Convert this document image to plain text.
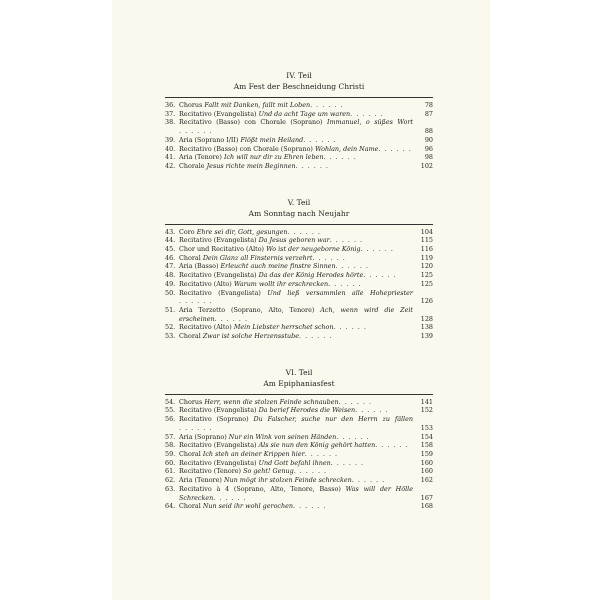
IV. Teil
Am Fest der Beschneidung Christi
36. Chorus Fallt mit Danken, fallt mit Loben. . . . . .	78
37. Recitativo (Evangelista) Und da acht Tage um waren. . . . . .	87
38. Recitativo (Basso) con Chorale (Soprano) Immanuel, o süßes Wort. . . . . .	88
39. Aria (Soprano I/II) Flößt mein Heiland. . . . . .	90
40. Recitativo (Basso) con Chorale (Soprano) Wohlan, dein Name. . . . . .	96
41. Aria (Tenore) Ich will nur dir zu Ehren leben. . . . . .	98
42. Chorale Jesus richte mein Beginnen. . . . . .	102
V. Teil
Am Sonntag nach Neujahr
43. Coro Ehre sei dir, Gott, gesungen. . . . . .	104
44. Recitativo (Evangelista) Da Jesus geboren war. . . . . .	115
45. Chor und Recitativo (Alto) Wo ist der neugeborne König. . . . . .	116
46. Choral Dein Glanz all Finsternis verzehrt. . . . . .	119
47. Aria (Basso) Erleucht auch meine finstre Sinnen. . . . . .	120
48. Recitativo (Evangelista) Da das der König Herodes hörte. . . . . .	125
49. Recitativo (Alto) Warum wollt ihr erschrecken. . . . . .	125
50. Recitativo (Evangelista) Und ließ versammlen alle Hohepriester. . . . . .	126
51. Aria Terzetto (Soprano, Alto, Tenore) Ach, wenn wird die Zeit erscheinen. . . . . .	128
52. Recitativo (Alto) Mein Liebster herrschet schon. . . . . .	138
53. Choral Zwar ist solche Herzensstube. . . . . .	139
VI. Teil
Am Epiphaniasfest
54. Chorus Herr, wenn die stolzen Feinde schnauben. . . . . .	141
55. Recitativo (Evangelista) Da berief Herodes die Weisen. . . . . .	152
56. Recitativo (Soprano) Du Falscher, suche nur den Herrn zu fällen. . . . . .	153
57. Aria (Soprano) Nur ein Wink von seinen Händen. . . . . .	154
58. Recitativo (Evangelista) Als sie nun den König gehört hatten. . . . . .	158
59. Choral Ich steh an deiner Krippen hier. . . . . .	159
60. Recitativo (Evangelista) Und Gott befahl ihnen. . . . . .	160
61. Recitativo (Tenore) So geht! Genug. . . . . .	160
62. Aria (Tenore) Nun mögt ihr stolzen Feinde schrecken. . . . . .	162
63. Recitativo à 4 (Soprano, Alto, Tenore, Basso) Was will der Hölle Schrecken. . . . . .	167
64. Choral Nun seid ihr wohl gerochen. . . . . .	168
